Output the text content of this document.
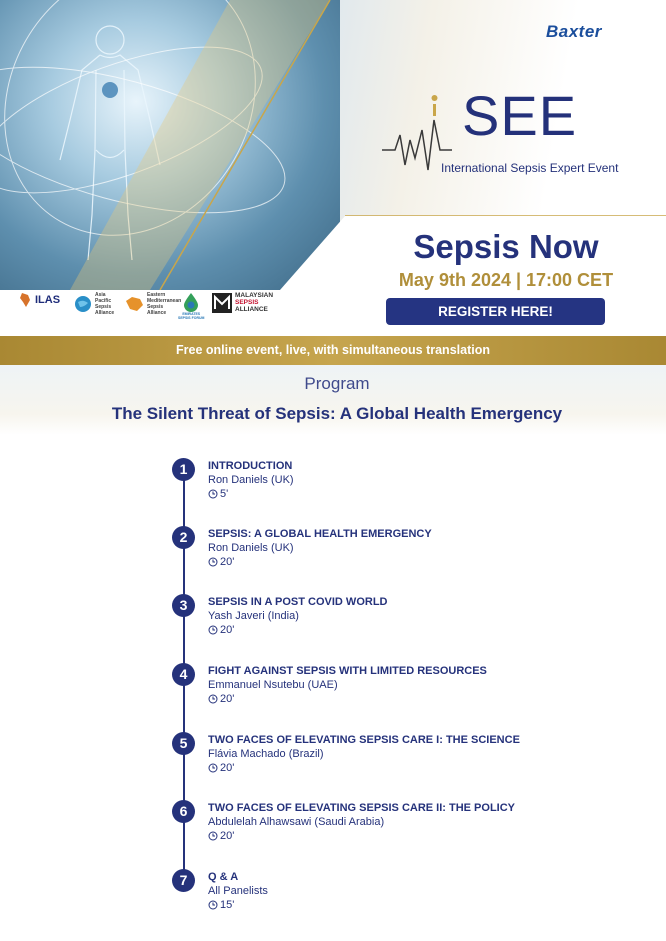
Baxter
SEE
International Sepsis Expert Event
Sepsis Now
May 9th 2024 | 17:00 CET
REGISTER HERE!
ILAS	Asia
Pacific
Sepsis
Alliance
Eastern
Mediterranean
Sepsis
Alliance	EMIRATES
SEPSIS FORUM
MALAYSIAN
SEPSIS
ALLIANCE
Free online event, live, with simultaneous translation
Program
The Silent Threat of Sepsis: A Global Health Emergency
1	INTRODUCTION
Ron Daniels (UK)
5'
2	SEPSIS: A GLOBAL HEALTH EMERGENCY
Ron Daniels (UK)
20'
3	SEPSIS IN A POST COVID WORLD
Yash Javeri (India)
20'
4	FIGHT AGAINST SEPSIS WITH LIMITED RESOURCES
Emmanuel Nsutebu (UAE)
20'
5	TWO FACES OF ELEVATING SEPSIS CARE I: THE SCIENCE
Flávia Machado (Brazil)
20'
6	TWO FACES OF ELEVATING SEPSIS CARE II: THE POLICY
Abdulelah Alhawsawi (Saudi Arabia)
20'
7	Q & A
All Panelists
15'
